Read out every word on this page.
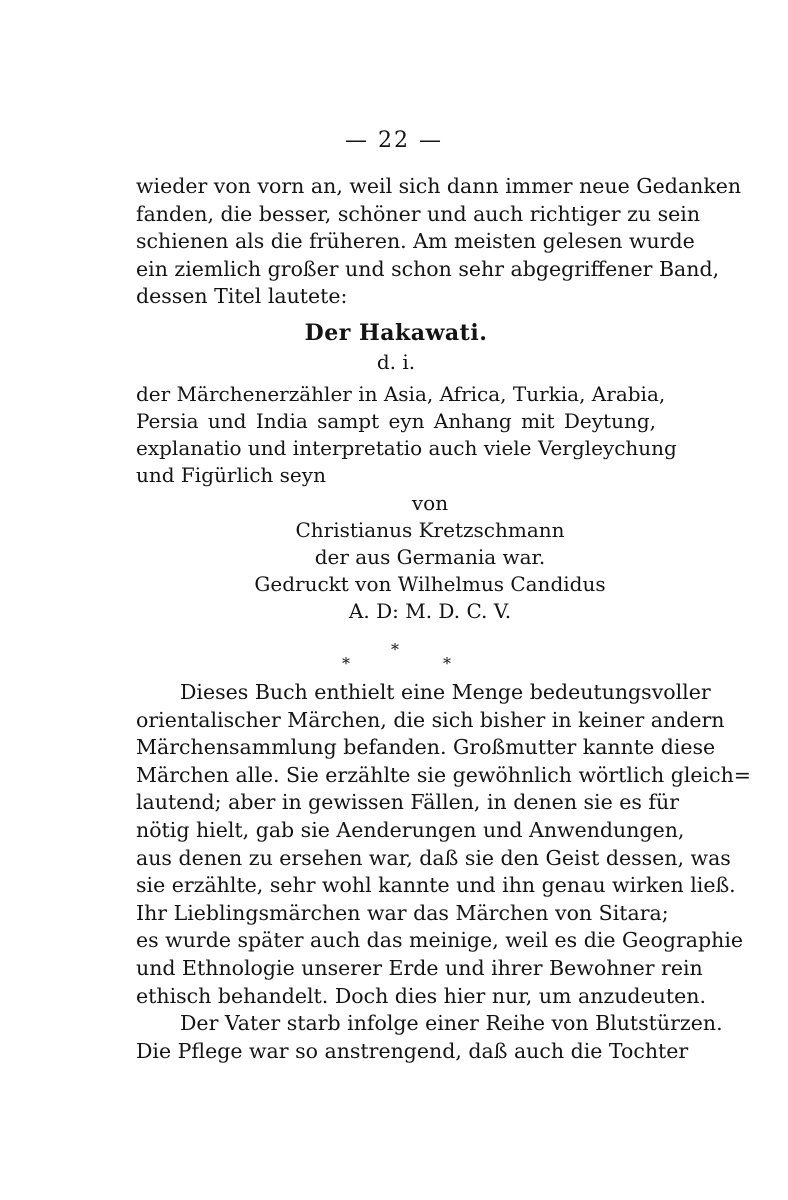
— 22 —
wieder von vorn an, weil sich dann immer neue Gedanken
fanden, die besser, schöner und auch richtiger zu sein
schienen als die früheren. Am meisten gelesen wurde
ein ziemlich großer und schon sehr abgegriffener Band,
dessen Titel lautete:
Der Hakawati.
d. i.
der Märchenerzähler in Asia, Africa, Turkia, Arabia,
Persia und India sampt eyn Anhang mit Deytung,
explanatio und interpretatio auch viele Vergleychung
und Figürlich seyn
von
Christianus Kretzschmann
der aus Germania war.
Gedruckt von Wilhelmus Candidus
A. D: M. D. C. V.
*
*	*
Dieses Buch enthielt eine Menge bedeutungsvoller
orientalischer Märchen, die sich bisher in keiner andern
Märchensammlung befanden. Großmutter kannte diese
Märchen alle. Sie erzählte sie gewöhnlich wörtlich gleich=
lautend; aber in gewissen Fällen, in denen sie es für
nötig hielt, gab sie Aenderungen und Anwendungen,
aus denen zu ersehen war, daß sie den Geist dessen, was
sie erzählte, sehr wohl kannte und ihn genau wirken ließ.
Ihr Lieblingsmärchen war das Märchen von Sitara;
es wurde später auch das meinige, weil es die Geographie
und Ethnologie unserer Erde und ihrer Bewohner rein
ethisch behandelt. Doch dies hier nur, um anzudeuten.
Der Vater starb infolge einer Reihe von Blutstürzen.
Die Pflege war so anstrengend, daß auch die Tochter
